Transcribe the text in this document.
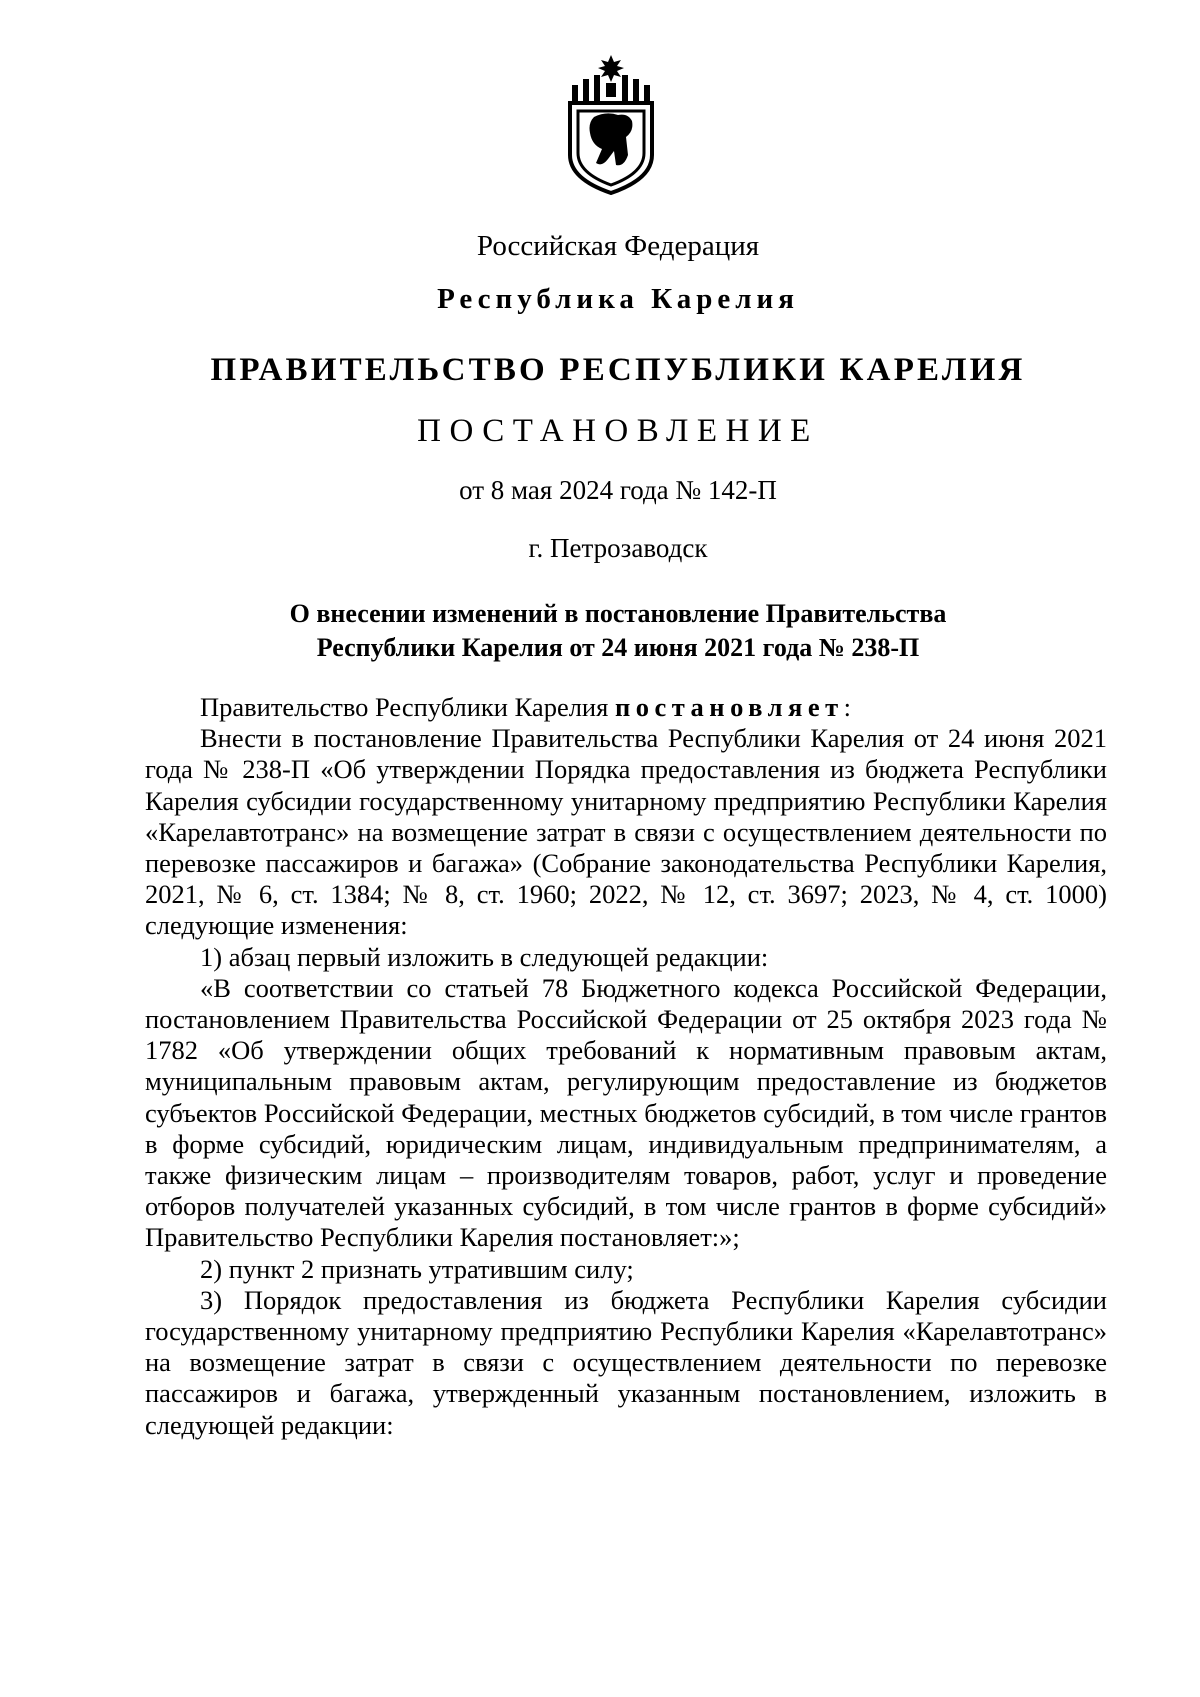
Российская Федерация
Республика Карелия
ПРАВИТЕЛЬСТВО РЕСПУБЛИКИ КАРЕЛИЯ
ПОСТАНОВЛЕНИЕ
от 8 мая 2024 года № 142-П
г. Петрозаводск
О внесении изменений в постановление Правительства
Республики Карелия от 24 июня 2021 года № 238-П

Правительство Республики Карелия постановляет:

Внести в постановление Правительства Республики Карелия от 24 июня 2021 года № 238-П «Об утверждении Порядка предоставления из бюджета Республики Карелия субсидии государственному унитарному предприятию Республики Карелия «Карелавтотранс» на возмещение затрат в связи с осуществлением деятельности по перевозке пассажиров и багажа» (Собрание законодательства Республики Карелия, 2021, № 6, ст. 1384; № 8, ст. 1960; 2022, № 12, ст. 3697; 2023, № 4, ст. 1000) следующие изменения:

1) абзац первый изложить в следующей редакции:

«В соответствии со статьей 78 Бюджетного кодекса Российской Федерации, постановлением Правительства Российской Федерации от 25 октября 2023 года № 1782 «Об утверждении общих требований к нормативным правовым актам, муниципальным правовым актам, регулирующим предоставление из бюджетов субъектов Российской Федерации, местных бюджетов субсидий, в том числе грантов в форме субсидий, юридическим лицам, индивидуальным предпринимателям, а также физическим лицам – производителям товаров, работ, услуг и проведение отборов получателей указанных субсидий, в том числе грантов в форме субсидий» Правительство Республики Карелия постановляет:»;

2) пункт 2 признать утратившим силу;

3) Порядок предоставления из бюджета Республики Карелия субсидии государственному унитарному предприятию Республики Карелия «Карелавтотранс» на возмещение затрат в связи с осуществлением деятельности по перевозке пассажиров и багажа, утвержденный указанным постановлением, изложить в следующей редакции:
